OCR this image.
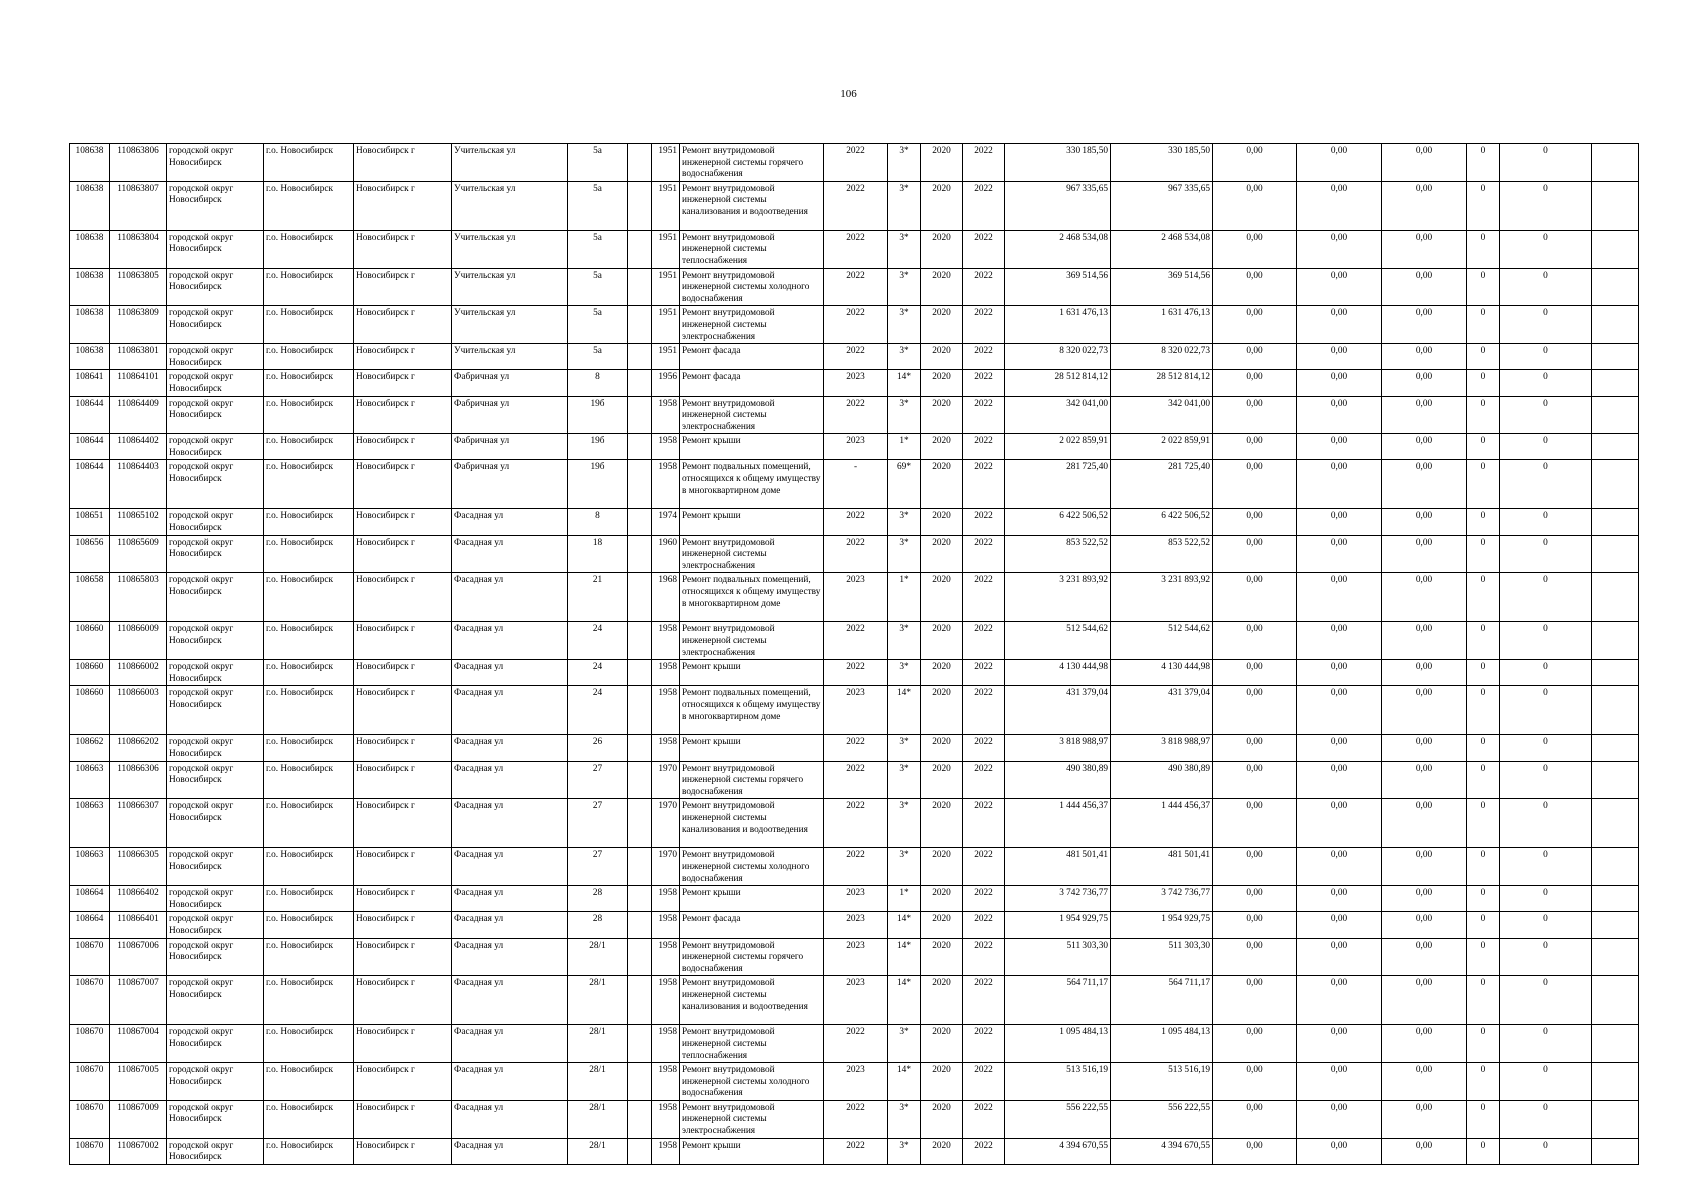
106
108638	110863806	городской округ Новосибирск	г.о. Новосибирск	Новосибирск г	Учительская ул	5а		1951	Ремонт внутридомовой инженерной системы горячего водоснабжения	2022	3*	2020	2022	330 185,50	330 185,50	0,00	0,00	0,00	0	0	
108638	110863807	городской округ Новосибирск	г.о. Новосибирск	Новосибирск г	Учительская ул	5а		1951	Ремонт внутридомовой инженерной системы канализования и водоотведения	2022	3*	2020	2022	967 335,65	967 335,65	0,00	0,00	0,00	0	0	
108638	110863804	городской округ Новосибирск	г.о. Новосибирск	Новосибирск г	Учительская ул	5а		1951	Ремонт внутридомовой инженерной системы теплоснабжения	2022	3*	2020	2022	2 468 534,08	2 468 534,08	0,00	0,00	0,00	0	0	
108638	110863805	городской округ Новосибирск	г.о. Новосибирск	Новосибирск г	Учительская ул	5а		1951	Ремонт внутридомовой инженерной системы холодного водоснабжения	2022	3*	2020	2022	369 514,56	369 514,56	0,00	0,00	0,00	0	0	
108638	110863809	городской округ Новосибирск	г.о. Новосибирск	Новосибирск г	Учительская ул	5а		1951	Ремонт внутридомовой инженерной системы электроснабжения	2022	3*	2020	2022	1 631 476,13	1 631 476,13	0,00	0,00	0,00	0	0	
108638	110863801	городской округ Новосибирск	г.о. Новосибирск	Новосибирск г	Учительская ул	5а		1951	Ремонт фасада	2022	3*	2020	2022	8 320 022,73	8 320 022,73	0,00	0,00	0,00	0	0	
108641	110864101	городской округ Новосибирск	г.о. Новосибирск	Новосибирск г	Фабричная ул	8		1956	Ремонт фасада	2023	14*	2020	2022	28 512 814,12	28 512 814,12	0,00	0,00	0,00	0	0	
108644	110864409	городской округ Новосибирск	г.о. Новосибирск	Новосибирск г	Фабричная ул	19б		1958	Ремонт внутридомовой инженерной системы электроснабжения	2022	3*	2020	2022	342 041,00	342 041,00	0,00	0,00	0,00	0	0	
108644	110864402	городской округ Новосибирск	г.о. Новосибирск	Новосибирск г	Фабричная ул	19б		1958	Ремонт крыши	2023	1*	2020	2022	2 022 859,91	2 022 859,91	0,00	0,00	0,00	0	0	
108644	110864403	городской округ Новосибирск	г.о. Новосибирск	Новосибирск г	Фабричная ул	19б		1958	Ремонт подвальных помещений, относящихся к общему имуществу в многоквартирном доме	-	69*	2020	2022	281 725,40	281 725,40	0,00	0,00	0,00	0	0	
108651	110865102	городской округ Новосибирск	г.о. Новосибирск	Новосибирск г	Фасадная ул	8		1974	Ремонт крыши	2022	3*	2020	2022	6 422 506,52	6 422 506,52	0,00	0,00	0,00	0	0	
108656	110865609	городской округ Новосибирск	г.о. Новосибирск	Новосибирск г	Фасадная ул	18		1960	Ремонт внутридомовой инженерной системы электроснабжения	2022	3*	2020	2022	853 522,52	853 522,52	0,00	0,00	0,00	0	0	
108658	110865803	городской округ Новосибирск	г.о. Новосибирск	Новосибирск г	Фасадная ул	21		1968	Ремонт подвальных помещений, относящихся к общему имуществу в многоквартирном доме	2023	1*	2020	2022	3 231 893,92	3 231 893,92	0,00	0,00	0,00	0	0	
108660	110866009	городской округ Новосибирск	г.о. Новосибирск	Новосибирск г	Фасадная ул	24		1958	Ремонт внутридомовой инженерной системы электроснабжения	2022	3*	2020	2022	512 544,62	512 544,62	0,00	0,00	0,00	0	0	
108660	110866002	городской округ Новосибирск	г.о. Новосибирск	Новосибирск г	Фасадная ул	24		1958	Ремонт крыши	2022	3*	2020	2022	4 130 444,98	4 130 444,98	0,00	0,00	0,00	0	0	
108660	110866003	городской округ Новосибирск	г.о. Новосибирск	Новосибирск г	Фасадная ул	24		1958	Ремонт подвальных помещений, относящихся к общему имуществу в многоквартирном доме	2023	14*	2020	2022	431 379,04	431 379,04	0,00	0,00	0,00	0	0	
108662	110866202	городской округ Новосибирск	г.о. Новосибирск	Новосибирск г	Фасадная ул	26		1958	Ремонт крыши	2022	3*	2020	2022	3 818 988,97	3 818 988,97	0,00	0,00	0,00	0	0	
108663	110866306	городской округ Новосибирск	г.о. Новосибирск	Новосибирск г	Фасадная ул	27		1970	Ремонт внутридомовой инженерной системы горячего водоснабжения	2022	3*	2020	2022	490 380,89	490 380,89	0,00	0,00	0,00	0	0	
108663	110866307	городской округ Новосибирск	г.о. Новосибирск	Новосибирск г	Фасадная ул	27		1970	Ремонт внутридомовой инженерной системы канализования и водоотведения	2022	3*	2020	2022	1 444 456,37	1 444 456,37	0,00	0,00	0,00	0	0	
108663	110866305	городской округ Новосибирск	г.о. Новосибирск	Новосибирск г	Фасадная ул	27		1970	Ремонт внутридомовой инженерной системы холодного водоснабжения	2022	3*	2020	2022	481 501,41	481 501,41	0,00	0,00	0,00	0	0	
108664	110866402	городской округ Новосибирск	г.о. Новосибирск	Новосибирск г	Фасадная ул	28		1958	Ремонт крыши	2023	1*	2020	2022	3 742 736,77	3 742 736,77	0,00	0,00	0,00	0	0	
108664	110866401	городской округ Новосибирск	г.о. Новосибирск	Новосибирск г	Фасадная ул	28		1958	Ремонт фасада	2023	14*	2020	2022	1 954 929,75	1 954 929,75	0,00	0,00	0,00	0	0	
108670	110867006	городской округ Новосибирск	г.о. Новосибирск	Новосибирск г	Фасадная ул	28/1		1958	Ремонт внутридомовой инженерной системы горячего водоснабжения	2023	14*	2020	2022	511 303,30	511 303,30	0,00	0,00	0,00	0	0	
108670	110867007	городской округ Новосибирск	г.о. Новосибирск	Новосибирск г	Фасадная ул	28/1		1958	Ремонт внутридомовой инженерной системы канализования и водоотведения	2023	14*	2020	2022	564 711,17	564 711,17	0,00	0,00	0,00	0	0	
108670	110867004	городской округ Новосибирск	г.о. Новосибирск	Новосибирск г	Фасадная ул	28/1		1958	Ремонт внутридомовой инженерной системы теплоснабжения	2022	3*	2020	2022	1 095 484,13	1 095 484,13	0,00	0,00	0,00	0	0	
108670	110867005	городской округ Новосибирск	г.о. Новосибирск	Новосибирск г	Фасадная ул	28/1		1958	Ремонт внутридомовой инженерной системы холодного водоснабжения	2023	14*	2020	2022	513 516,19	513 516,19	0,00	0,00	0,00	0	0	
108670	110867009	городской округ Новосибирск	г.о. Новосибирск	Новосибирск г	Фасадная ул	28/1		1958	Ремонт внутридомовой инженерной системы электроснабжения	2022	3*	2020	2022	556 222,55	556 222,55	0,00	0,00	0,00	0	0	
108670	110867002	городской округ Новосибирск	г.о. Новосибирск	Новосибирск г	Фасадная ул	28/1		1958	Ремонт крыши	2022	3*	2020	2022	4 394 670,55	4 394 670,55	0,00	0,00	0,00	0	0	
